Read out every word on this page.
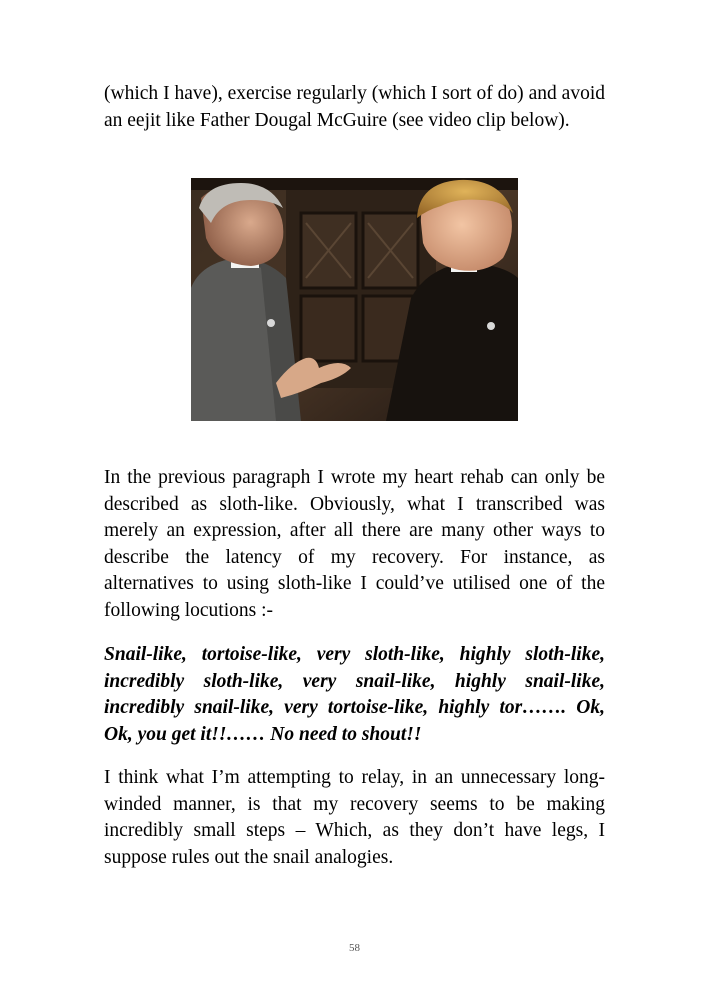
(which I have), exercise regularly (which I sort of do) and avoid an eejit like Father Dougal McGuire (see video clip below).

In the previous paragraph I wrote my heart rehab can only be described as sloth-like. Obviously, what I transcribed was merely an expression, after all there are many other ways to describe the latency of my recovery. For instance, as alternatives to using sloth-like I could’ve utilised one of the following locutions :-

Snail-like, tortoise-like, very sloth-like, highly sloth-like, incredibly sloth-like, very snail-like, highly snail-like, incredibly snail-like, very tortoise-like, highly tor……. Ok, Ok, you get it!!…… No need to shout!!

I think what I’m attempting to relay, in an unnecessary long-winded manner, is that my recovery seems to be making incredibly small steps – Which, as they don’t have legs, I suppose rules out the snail analogies.

58
